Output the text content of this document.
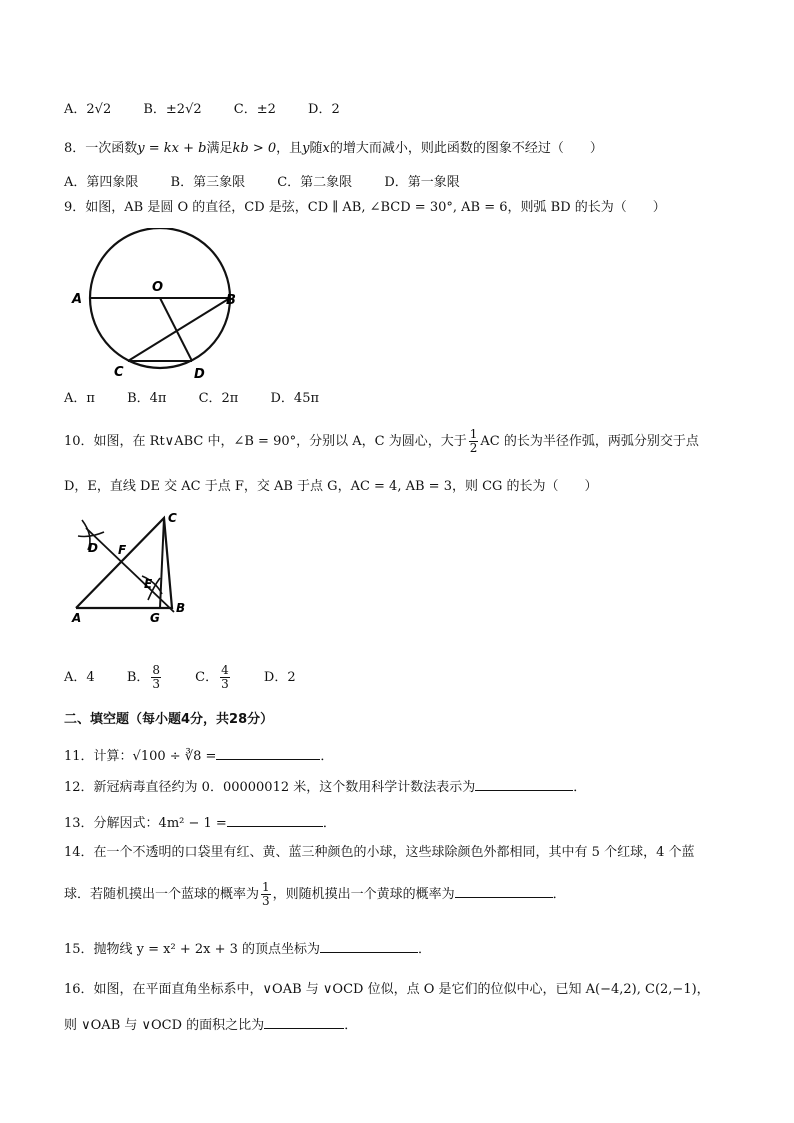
A．2√2 B．±2√2 C．±2 D．2
8．一次函数y = kx + b满足kb > 0，且y随x的增大而减小，则此函数的图象不经过（　　）
A．第四象限 B．第三象限 C．第二象限 D．第一象限
9．如图，AB 是圆 O 的直径，CD 是弦，CD ∥ AB, ∠BCD = 30°, AB = 6，则弧 BD 的长为（　　）
A
O
B
C	D
A．π B．4π C．2π D．45π
10．如图，在 Rt∨ABC 中，∠B = 90°，分别以 A，C 为圆心，大于 $\frac{1}{2}$ AC 的长为半径作弧，两弧分别交于点
D，E，直线 DE 交 AC 于点 F，交 AB 于点 G，AC = 4, AB = 3，则 CG 的长为（　　）
C
D F
E
A	G
B
A．4 B． $\frac{8}{3}$	C． $\frac{4}{3}$	D．2
二、填空题（每小题4分，共28分）
11．计算：√100 ÷ ∛8 =	．
12．新冠病毒直径约为 0．00000012 米，这个数用科学计数法表示为	．
13．分解因式：4m² − 1 =	．
14．在一个不透明的口袋里有红、黄、蓝三种颜色的小球，这些球除颜色外都相同，其中有 5 个红球，4 个蓝
球．若随机摸出一个蓝球的概率为 $\frac{1}{3}$ ，则随机摸出一个黄球的概率为	．
15．抛物线 y = x² + 2x + 3 的顶点坐标为	．
16．如图，在平面直角坐标系中，∨OAB 与 ∨OCD 位似，点 O 是它们的位似中心，已知 A(−4,2), C(2,−1)，
则 ∨OAB 与 ∨OCD 的面积之比为	．
